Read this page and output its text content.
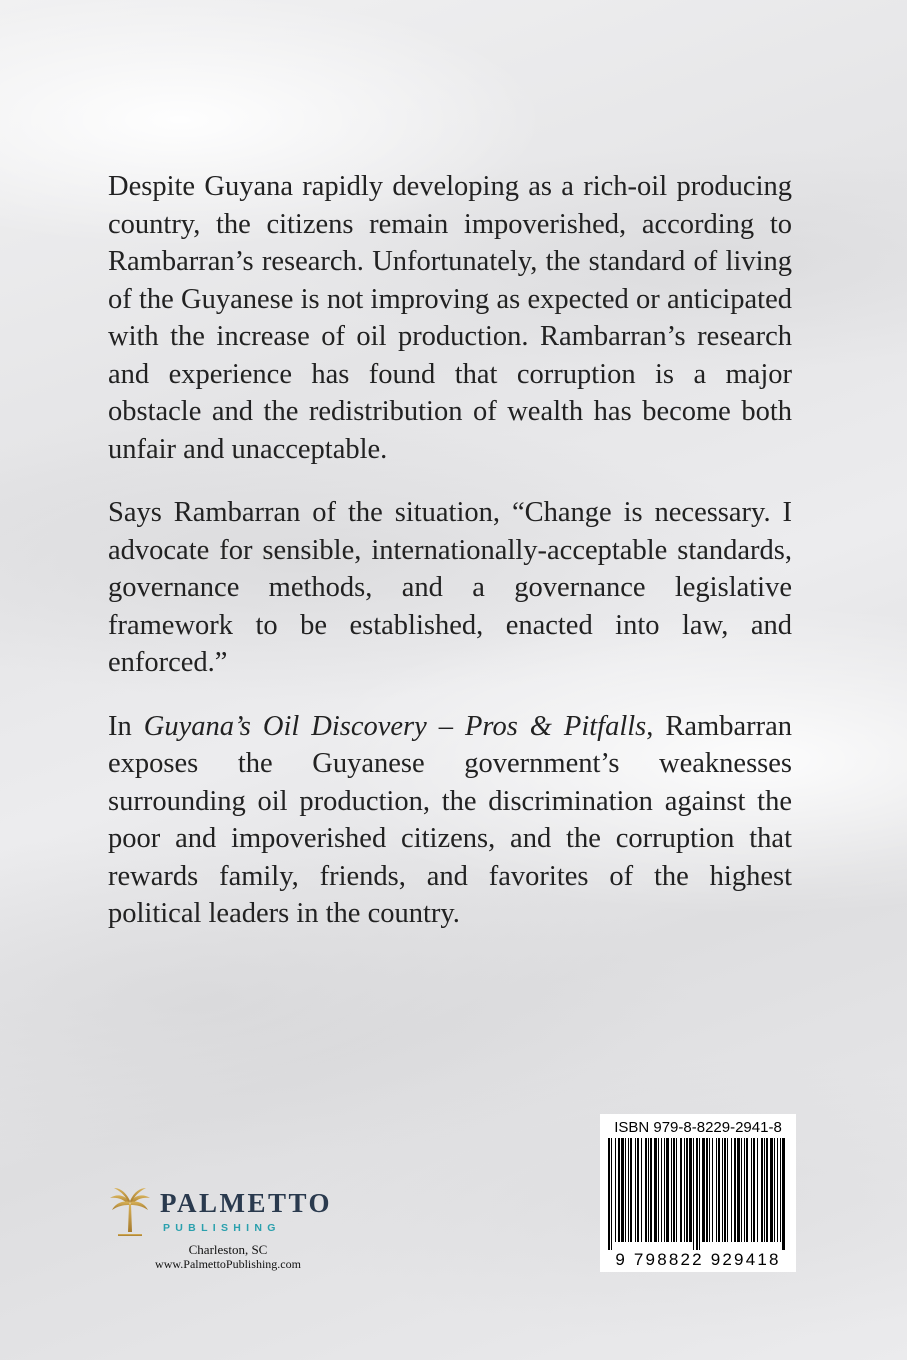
Despite Guyana rapidly developing as a rich-oil producing country, the citizens remain impoverished, according to Rambarran’s research. Unfortunately, the standard of living of the Guyanese is not improving as expected or anticipated with the increase of oil production. Rambarran’s research and experience has found that corruption is a major obstacle and the redistribution of wealth has become both unfair and unacceptable.

Says Rambarran of the situation, “Change is necessary. I advocate for sensible, internationally-acceptable standards, governance methods, and a governance legislative framework to be established, enacted into law, and enforced.”

In Guyana’s Oil Discovery – Pros & Pitfalls, Rambarran exposes the Guyanese government’s weaknesses surrounding oil production, the discrimination against the poor and impoverished citizens, and the corruption that rewards family, friends, and favorites of the highest political leaders in the country.

PALMETTO
PUBLISHING
Charleston, SC
www.PalmettoPublishing.com
ISBN 979-8-8229-2941-8
9 798822 929418
